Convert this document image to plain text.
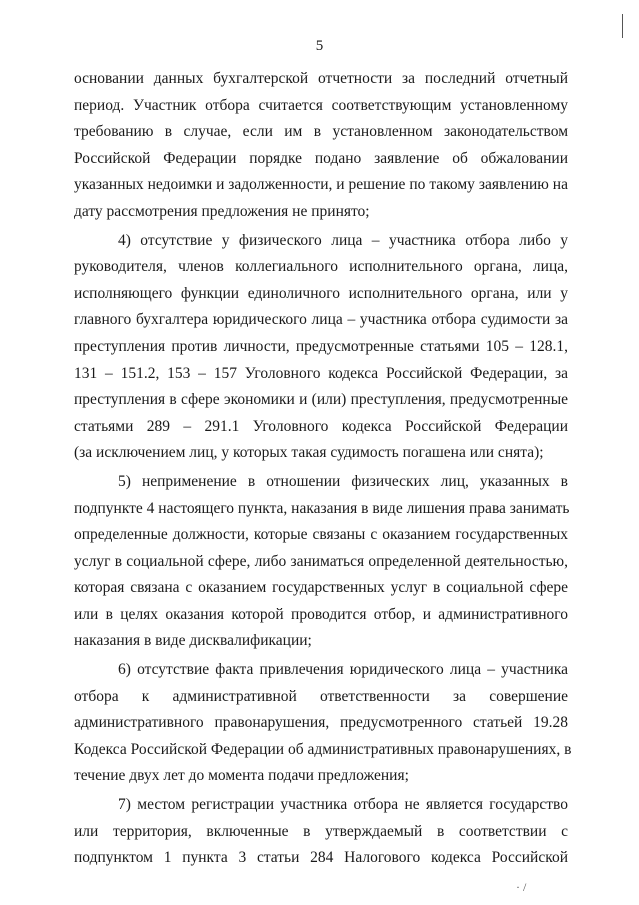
5
основании данных бухгалтерской отчетности за последний отчетный
период. Участник отбора считается соответствующим установленному
требованию в случае, если им в установленном законодательством
Российской Федерации порядке подано заявление об обжаловании
указанных недоимки и задолженности, и решение по такому заявлению на
дату рассмотрения предложения не принято;
4) отсутствие у физического лица – участника отбора либо у
руководителя, членов коллегиального исполнительного органа, лица,
исполняющего функции единоличного исполнительного органа, или у
главного бухгалтера юридического лица – участника отбора судимости за
преступления против личности, предусмотренные статьями 105 – 128.1,
131 – 151.2, 153 – 157 Уголовного кодекса Российской Федерации, за
преступления в сфере экономики и (или) преступления, предусмотренные
статьями 289 – 291.1 Уголовного кодекса Российской Федерации
(за исключением лиц, у которых такая судимость погашена или снята);
5) неприменение в отношении физических лиц, указанных в
подпункте 4 настоящего пункта, наказания в виде лишения права занимать
определенные должности, которые связаны с оказанием государственных
услуг в социальной сфере, либо заниматься определенной деятельностью,
которая связана с оказанием государственных услуг в социальной сфере
или в целях оказания которой проводится отбор, и административного
наказания в виде дисквалификации;
6) отсутствие факта привлечения юридического лица – участника
отбора к административной ответственности за совершение
административного правонарушения, предусмотренного статьей 19.28
Кодекса Российской Федерации об административных правонарушениях, в
течение двух лет до момента подачи предложения;
7) местом регистрации участника отбора не является государство
или территория, включенные в утверждаемый в соответствии с
подпунктом 1 пункта 3 статьи 284 Налогового кодекса Российской
· /
